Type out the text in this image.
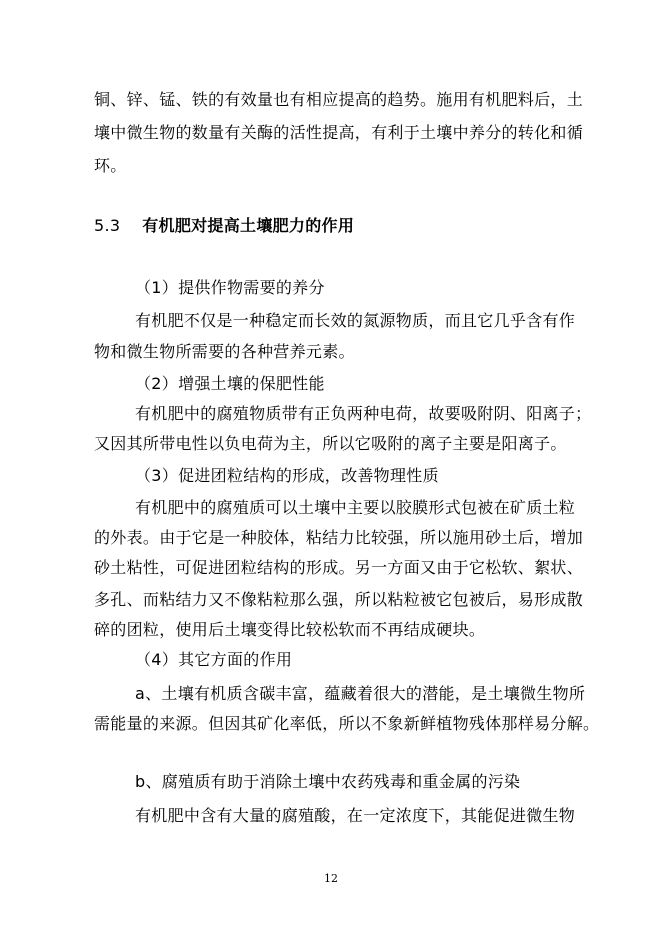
铜、锌、锰、铁的有效量也有相应提高的趋势。施用有机肥料后，土
壤中微生物的数量有关酶的活性提高，有利于土壤中养分的转化和循
环。
5.3 有机肥对提高土壤肥力的作用
（1）提供作物需要的养分
有机肥不仅是一种稳定而长效的氮源物质，而且它几乎含有作
物和微生物所需要的各种营养元素。
（2）增强土壤的保肥性能
有机肥中的腐殖物质带有正负两种电荷，故要吸附阴、阳离子；
又因其所带电性以负电荷为主，所以它吸附的离子主要是阳离子。
（3）促进团粒结构的形成，改善物理性质
有机肥中的腐殖质可以土壤中主要以胶膜形式包被在矿质土粒
的外表。由于它是一种胶体，粘结力比较强，所以施用砂土后，增加
砂土粘性，可促进团粒结构的形成。另一方面又由于它松软、絮状、
多孔、而粘结力又不像粘粒那么强，所以粘粒被它包被后，易形成散
碎的团粒，使用后土壤变得比较松软而不再结成硬块。
（4）其它方面的作用
a、土壤有机质含碳丰富，蕴藏着很大的潜能，是土壤微生物所
需能量的来源。但因其矿化率低，所以不象新鲜植物残体那样易分解。
b、腐殖质有助于消除土壤中农药残毒和重金属的污染
有机肥中含有大量的腐殖酸，在一定浓度下，其能促进微生物
12
